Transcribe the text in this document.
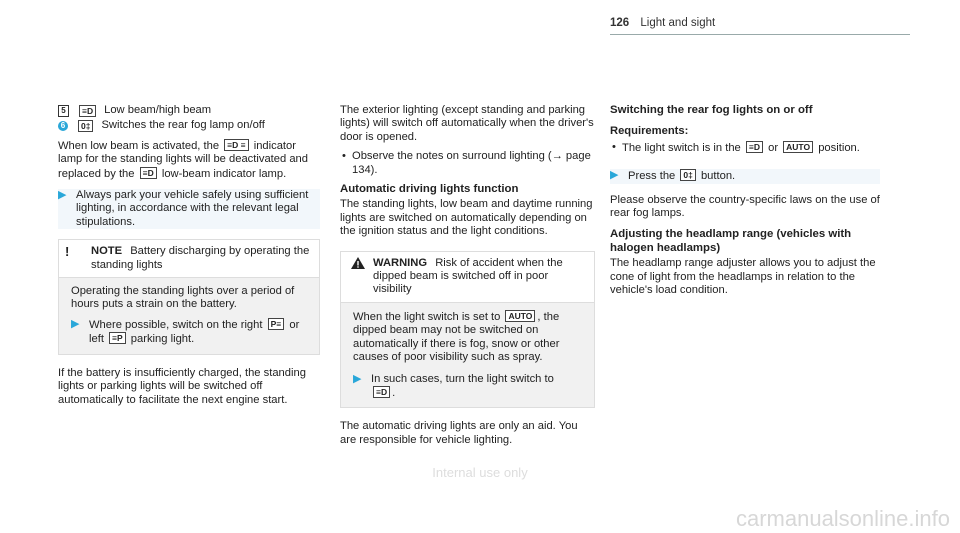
126 Light and sight
5	≡D Low beam/high beam
6	0‡ Switches the rear fog lamp on/off

When low beam is activated, the ≡D ≡ indicator lamp for the standing lights will be deactivated and replaced by the ≡D low-beam indicator lamp.

▶ Always park your vehicle safely using sufficient lighting, in accordance with the relevant legal stipulations.
!	NOTE Battery discharging by operating the standing lights

Operating the standing lights over a period of hours puts a strain on the battery.

▶ Where possible, switch on the right P≡ or left ≡P parking light.

If the battery is insufficiently charged, the standing lights or parking lights will be switched off automatically to facilitate the next engine start.

The exterior lighting (except standing and parking lights) will switch off automatically when the driver's door is opened.

• Observe the notes on surround lighting (→ page 134).
Automatic driving lights function

The standing lights, low beam and daytime running lights are switched on automatically depending on the ignition status and the light conditions.

WARNING Risk of accident when the dipped beam is switched off in poor visibility

When the light switch is set to AUTO , the dipped beam may not be switched on automatically if there is fog, snow or other causes of poor visibility such as spray.

▶ In such cases, turn the light switch to
≡D .

The automatic driving lights are only an aid. You are responsible for vehicle lighting.

Switching the rear fog lights on or off
Requirements:
• The light switch is in the ≡D or AUTO position.
▶ Press the 0‡ button.

Please observe the country-specific laws on the use of rear fog lamps.

Adjusting the headlamp range (vehicles with halogen headlamps)

The headlamp range adjuster allows you to adjust the cone of light from the headlamps in relation to the vehicle's load condition.

Internal use only
carmanualsonline.info
